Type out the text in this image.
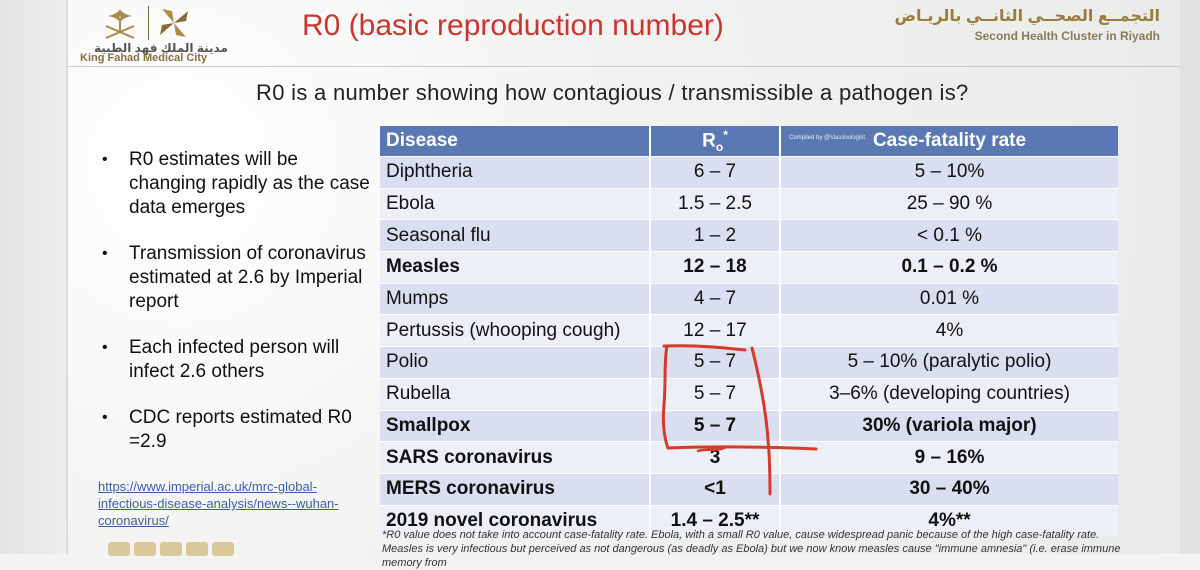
مدينة الملك فهد الطبية
King Fahad Medical City
R0 (basic reproduction number)	التجمــع الصحــي الثانــي بالريـاض
Second Health Cluster in Riyadh
R0 is a number showing how contagious / transmissible a pathogen is?
• R0 estimates will be changing rapidly as the case data emerges
• Transmission of coronavirus estimated at 2.6 by Imperial report
• Each infected person will infect 2.6 others
• CDC reports estimated R0 =2.9
https://www.imperial.ac.uk/mrc-global-infectious-disease-analysis/news--wuhan-coronavirus/
Disease	$R_o^*$	Compiled by @Vaccinologist Case-fatality rate
Diphtheria	6 – 7	5 – 10%
Ebola	1.5 – 2.5	25 – 90 %
Seasonal flu	1 – 2	< 0.1 %
Measles	12 – 18	0.1 – 0.2 %
Mumps	4 – 7	0.01 %
Pertussis (whooping cough)	12 – 17	4%
Polio	5 – 7	5 – 10% (paralytic polio)
Rubella	5 – 7	3–6% (developing countries)
Smallpox	5 – 7	30% (variola major)
SARS coronavirus	3	9 – 16%
MERS coronavirus	<1	30 – 40%
2019 novel coronavirus	1.4 – 2.5**	4%**
*R0 value does not take into account case-fatality rate. Ebola, with a small R0 value, cause widespread panic because of the high case-fatality rate. Measles is very infectious but perceived as not dangerous (as deadly as Ebola) but we now know measles cause "immune amnesia" (i.e. erase immune memory from
